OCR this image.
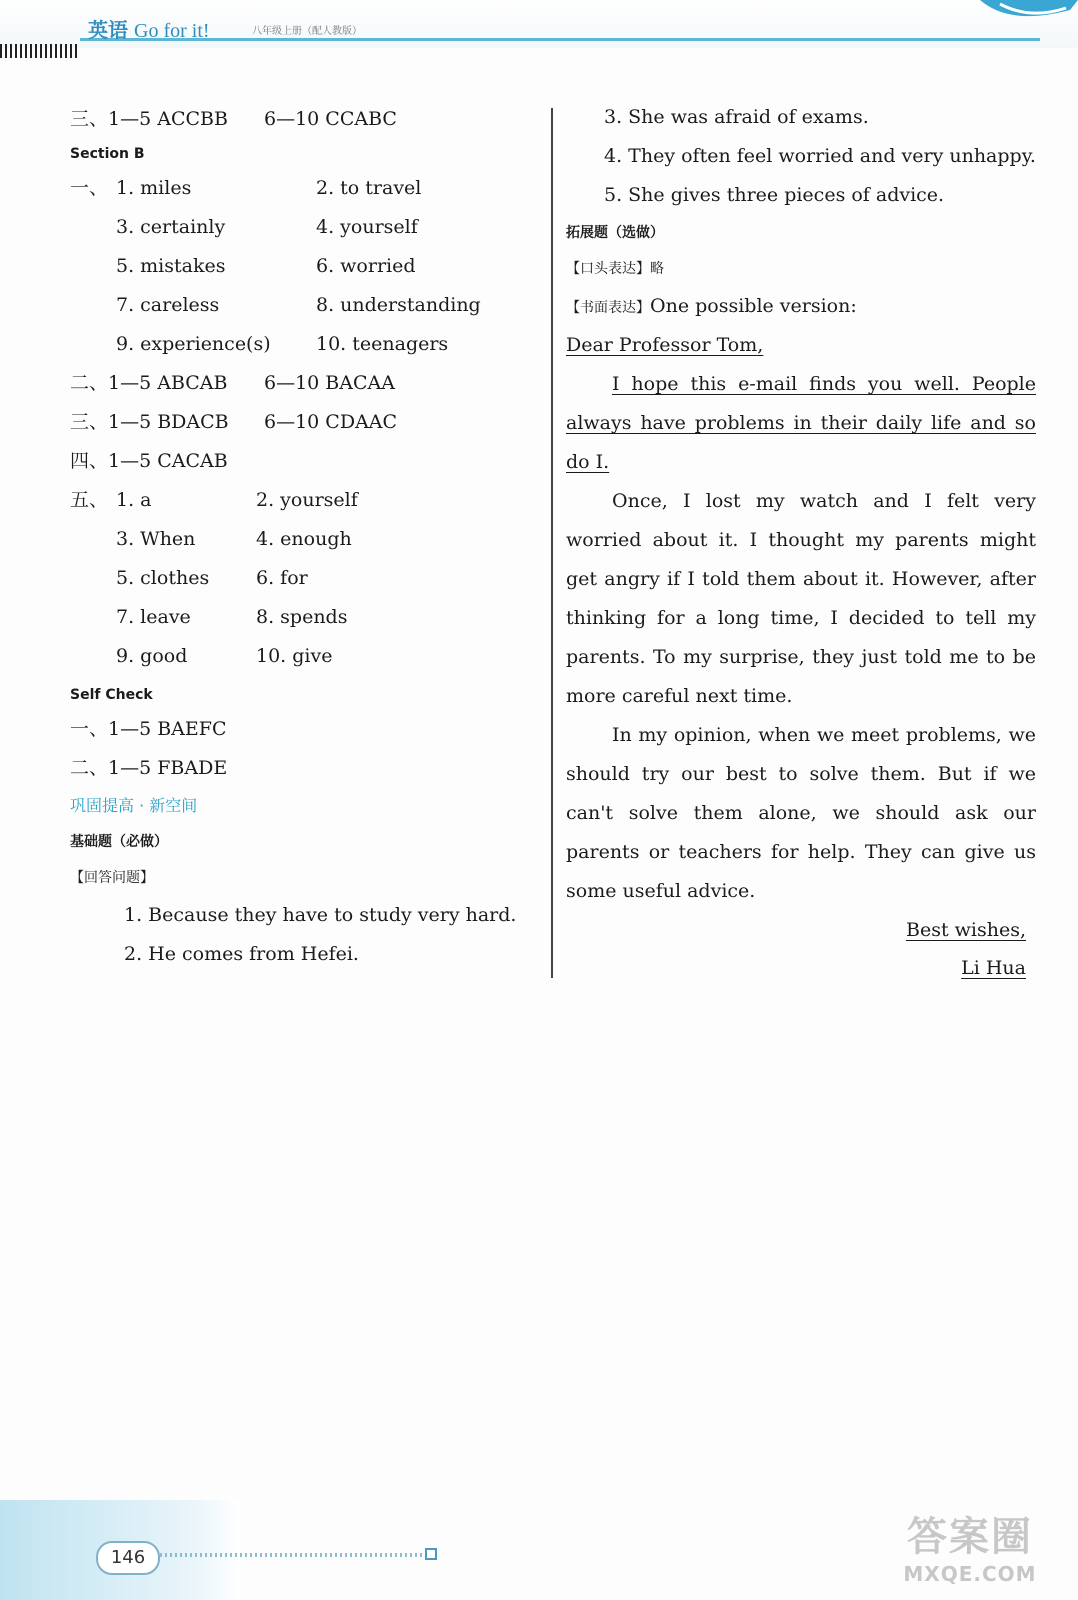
英语 Go for it!	八年级上册（配人教版）
三、1—5 ACCBB 6—10 CCABC
Section B
一、 1. miles	2. to travel
3. certainly	4. yourself
5. mistakes	6. worried
7. careless	8. understanding
9. experience(s) 10. teenagers
二、1—5 ABCAB 6—10 BACAA
三、1—5 BDACB 6—10 CDAAC
四、1—5 CACAB
五、 1. a	2. yourself
3. When	4. enough
5. clothes 6. for
7. leave	8. spends
9. good	10. give
Self Check
一、1—5 BAEFC
二、1—5 FBADE
巩固提高 · 新空间
基础题（必做）
【回答问题】
1. Because they have to study very hard.
2. He comes from Hefei.
3. She was afraid of exams.
4. They often feel worried and very unhappy.
5. She gives three pieces of advice.
拓展题（选做）
【口头表达】略
【书面表达】One possible version:
Dear Professor Tom,

I hope this e-mail finds you well. People always have problems in their daily life and so do I.

Once, I lost my watch and I felt very worried about it. I thought my parents might get angry if I told them about it. However, after thinking for a long time, I decided to tell my parents. To my surprise, they just told me to be more careful next time.

In my opinion, when we meet problems, we should try our best to solve them. But if we can't solve them alone, we should ask our parents or teachers for help. They can give us some useful advice.

Best wishes,
Li Hua
146	答案圈
MXQE.COM
